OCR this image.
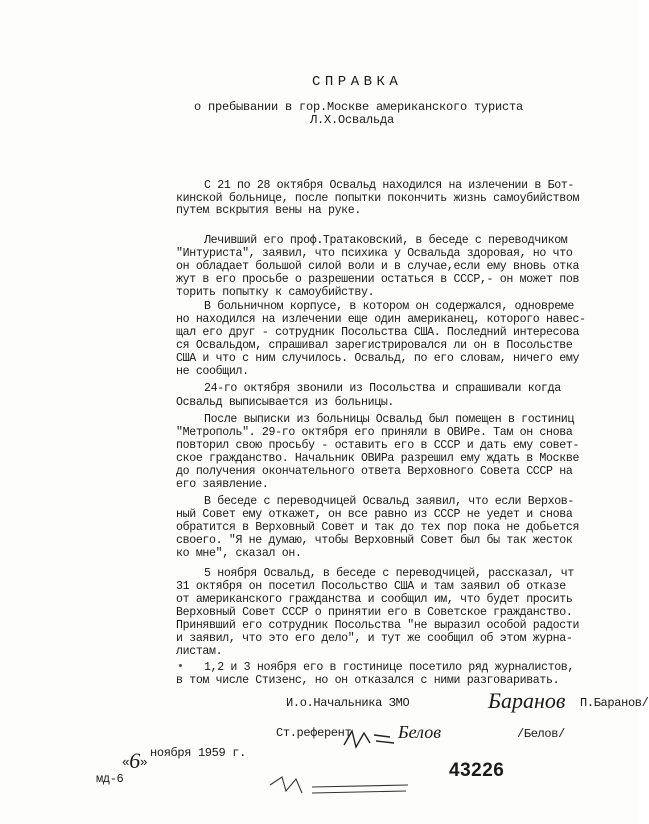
СПРАВКА
о пребывании в гор.Москве американского туриста
Л.Х.Освальда
С 21 по 28 октября Освальд находился на излечении в Бот-
кинской больнице, после попытки покончить жизнь самоубийством
путем вскрытия вены на руке.
Лечивший его проф.Тратаковский, в беседе с переводчиком
"Интуриста", заявил, что психика у Освальда здоровая, но что
он обладает большой силой воли и в случае,если ему вновь отка
жут в его просьбе о разрешении остаться в СССР,- он может пов
торить попытку к самоубийству.
В больничном корпусе, в котором он содержался, одновреме
но находился на излечении еще один американец, которого навес-
щал его друг - сотрудник Посольства США. Последний интересова
ся Освальдом, спрашивал зарегистрировался ли он в Посольстве
США и что с ним случилось. Освальд, по его словам, ничего ему
не сообщил.
24-го октября звонили из Посольства и спрашивали когда
Освальд выписывается из больницы.
После выписки из больницы Освальд был помещен в гостиниц
"Метрополь". 29-го октября его приняли в ОВИРе. Там он снова
повторил свою просьбу - оставить его в СССР и дать ему совет-
ское гражданство. Начальник ОВИРа разрешил ему ждать в Москве
до получения окончательного ответа Верховного Совета СССР на
его заявление.
В беседе с переводчицей Освальд заявил, что если Верхов-
ный Совет ему откажет, он все равно из СССР не уедет и снова
обратится в Верховный Совет и так до тех пор пока не добьется
своего. "Я не думаю, чтобы Верховный Совет был бы так жесток
ко мне", сказал он.
5 ноября Освальд, в беседе с переводчицей, рассказал, чт
31 октября он посетил Посольство США и там заявил об отказе
от американского гражданства и сообщил им, что будет просить
Верховный Совет СССР о принятии его в Советское гражданство.
Принявший его сотрудник Посольства "не выразил особой радости
и заявил, что это его дело", и тут же сообщил об этом журна-
листам.
1,2 и 3 ноября его в гостинице посетило ряд журналистов,
в том числе Стизенс, но он отказался с ними разговаривать.
И.о.Начальника ЗМО	Баранов П.Баранов/
Ст.референт	Белов	/Белов/

«6»

ноября 1959 г.
мд-6	43226
